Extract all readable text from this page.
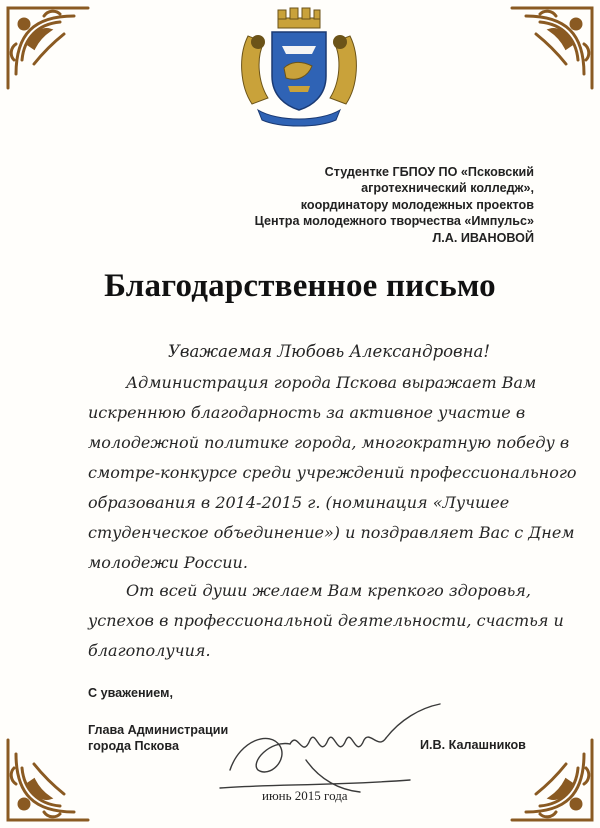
Студентке ГБПОУ ПО «Псковский
агротехнический колледж»,
координатору молодежных проектов
Центра молодежного творчества «Импульс»
Л.А. ИВАНОВОЙ
Благодарственное письмо
Уважаемая Любовь Александровна!
Администрация города Пскова выражает Вам
искреннюю благодарность за активное участие в
молодежной политике города, многократную победу в
смотре-конкурсе среди учреждений профессионального
образования в 2014-2015 г. (номинация «Лучшее
студенческое объединение») и поздравляет Вас с Днем
молодежи России.
От всей души желаем Вам крепкого здоровья,
успехов в профессиональной деятельности, счастья и
благополучия.
С уважением,
Глава Администрации
города Пскова	И.В. Калашников
июнь 2015 года
